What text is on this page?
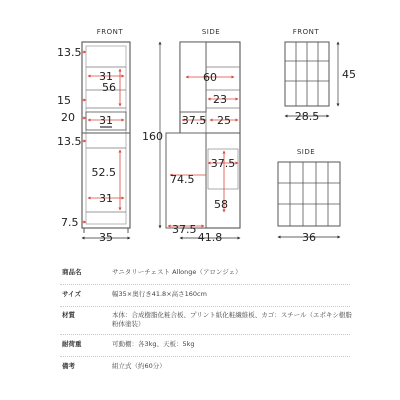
FRONT
31
31
31
56
52.5
13.5
15
20
13.5
7.5
35
160
SIDE
60
23
37.5 25
74.5
37.5
58
37.5
41.8
FRONT
45
28.5
SIDE
36
商品名	サニタリーチェスト Allonge（アロンジェ）
サイズ	幅35×奥行き41.8×高さ160cm
材質	本体：合成樹脂化粧合板、プリント紙化粧繊維板、カゴ：スチール（エポキシ樹脂粉体塗装）
耐荷重	可動棚：各3kg、天板：5kg
備考	組立式（約60分）
